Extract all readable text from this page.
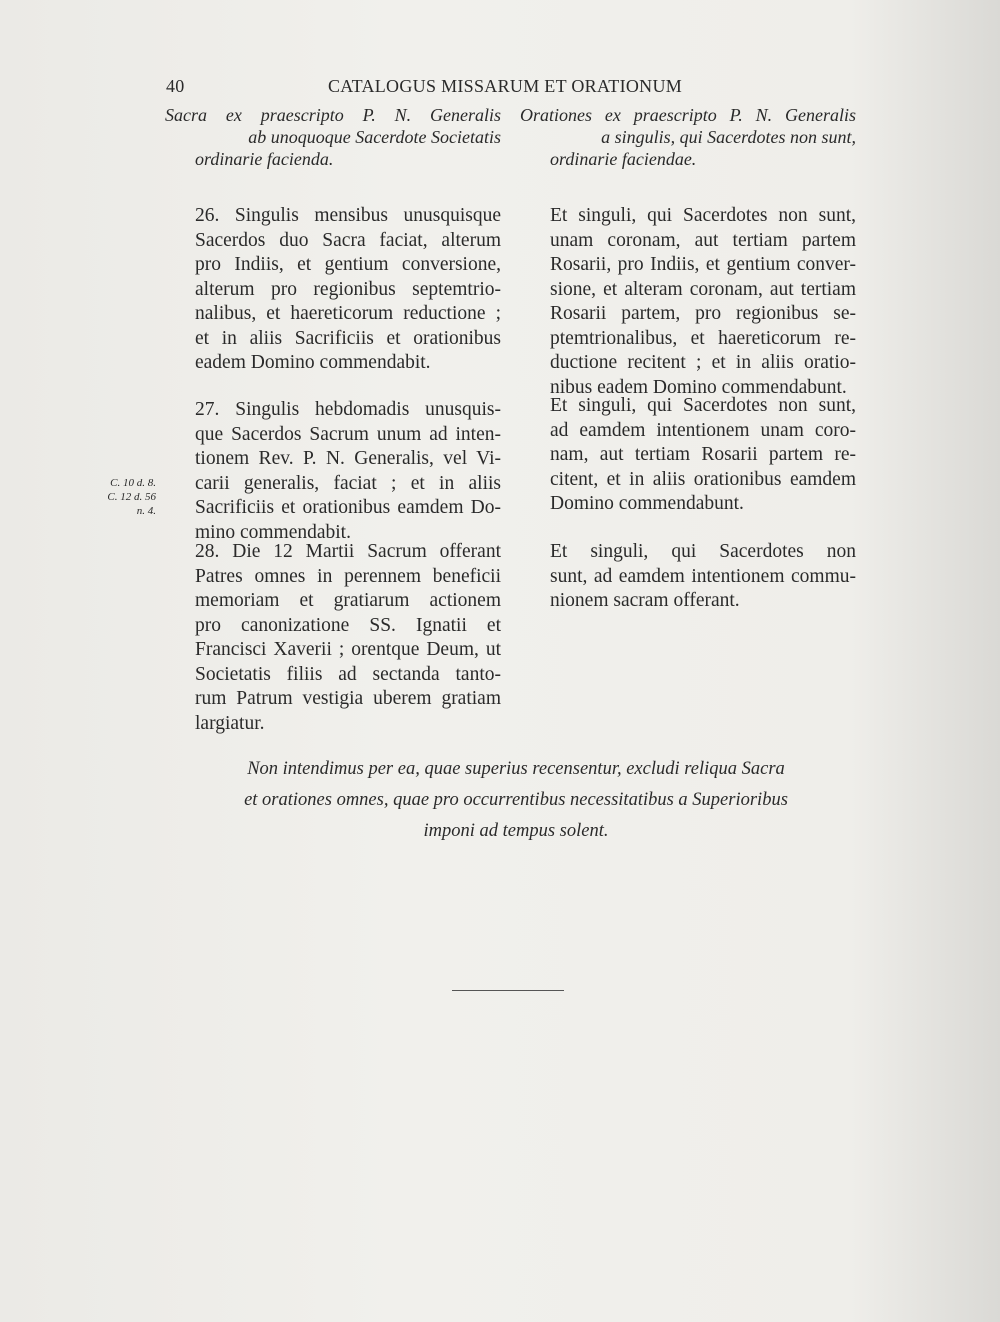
40	CATALOGUS MISSARUM ET ORATIONUM
C. 10 d. 8.
C. 12 d. 56
n. 4.
Sacra ex praescripto P. N. Generalis
ab unoquoque Sacerdote Societatis
ordinarie facienda.
26. Singulis mensibus unusquisque
Sacerdos duo Sacra faciat, alterum
pro Indiis, et gentium conversione,
alterum pro regionibus septemtrio-
nalibus, et haereticorum reductione ;
et in aliis Sacrificiis et orationibus
eadem Domino commendabit.
27. Singulis hebdomadis unusquis-
que Sacerdos Sacrum unum ad inten-
tionem Rev. P. N. Generalis, vel Vi-
carii generalis, faciat ; et in aliis
Sacrificiis et orationibus eamdem Do-
mino commendabit.
28. Die 12 Martii Sacrum offerant
Patres omnes in perennem beneficii
memoriam et gratiarum actionem
pro canonizatione SS. Ignatii et
Francisci Xaverii ; orentque Deum, ut
Societatis filiis ad sectanda tanto-
rum Patrum vestigia uberem gratiam
largiatur.
Orationes ex praescripto P. N. Generalis
a singulis, qui Sacerdotes non sunt,
ordinarie faciendae.
Et singuli, qui Sacerdotes non sunt,
unam coronam, aut tertiam partem
Rosarii, pro Indiis, et gentium conver-
sione, et alteram coronam, aut tertiam
Rosarii partem, pro regionibus se-
ptemtrionalibus, et haereticorum re-
ductione recitent ; et in aliis oratio-
nibus eadem Domino commendabunt.
Et singuli, qui Sacerdotes non sunt,
ad eamdem intentionem unam coro-
nam, aut tertiam Rosarii partem re-
citent, et in aliis orationibus eamdem
Domino commendabunt.
Et singuli, qui Sacerdotes non
sunt, ad eamdem intentionem commu-
nionem sacram offerant.
Non intendimus per ea, quae superius recensentur, excludi reliqua Sacra
et orationes omnes, quae pro occurrentibus necessitatibus a Superioribus
imponi ad tempus solent.
